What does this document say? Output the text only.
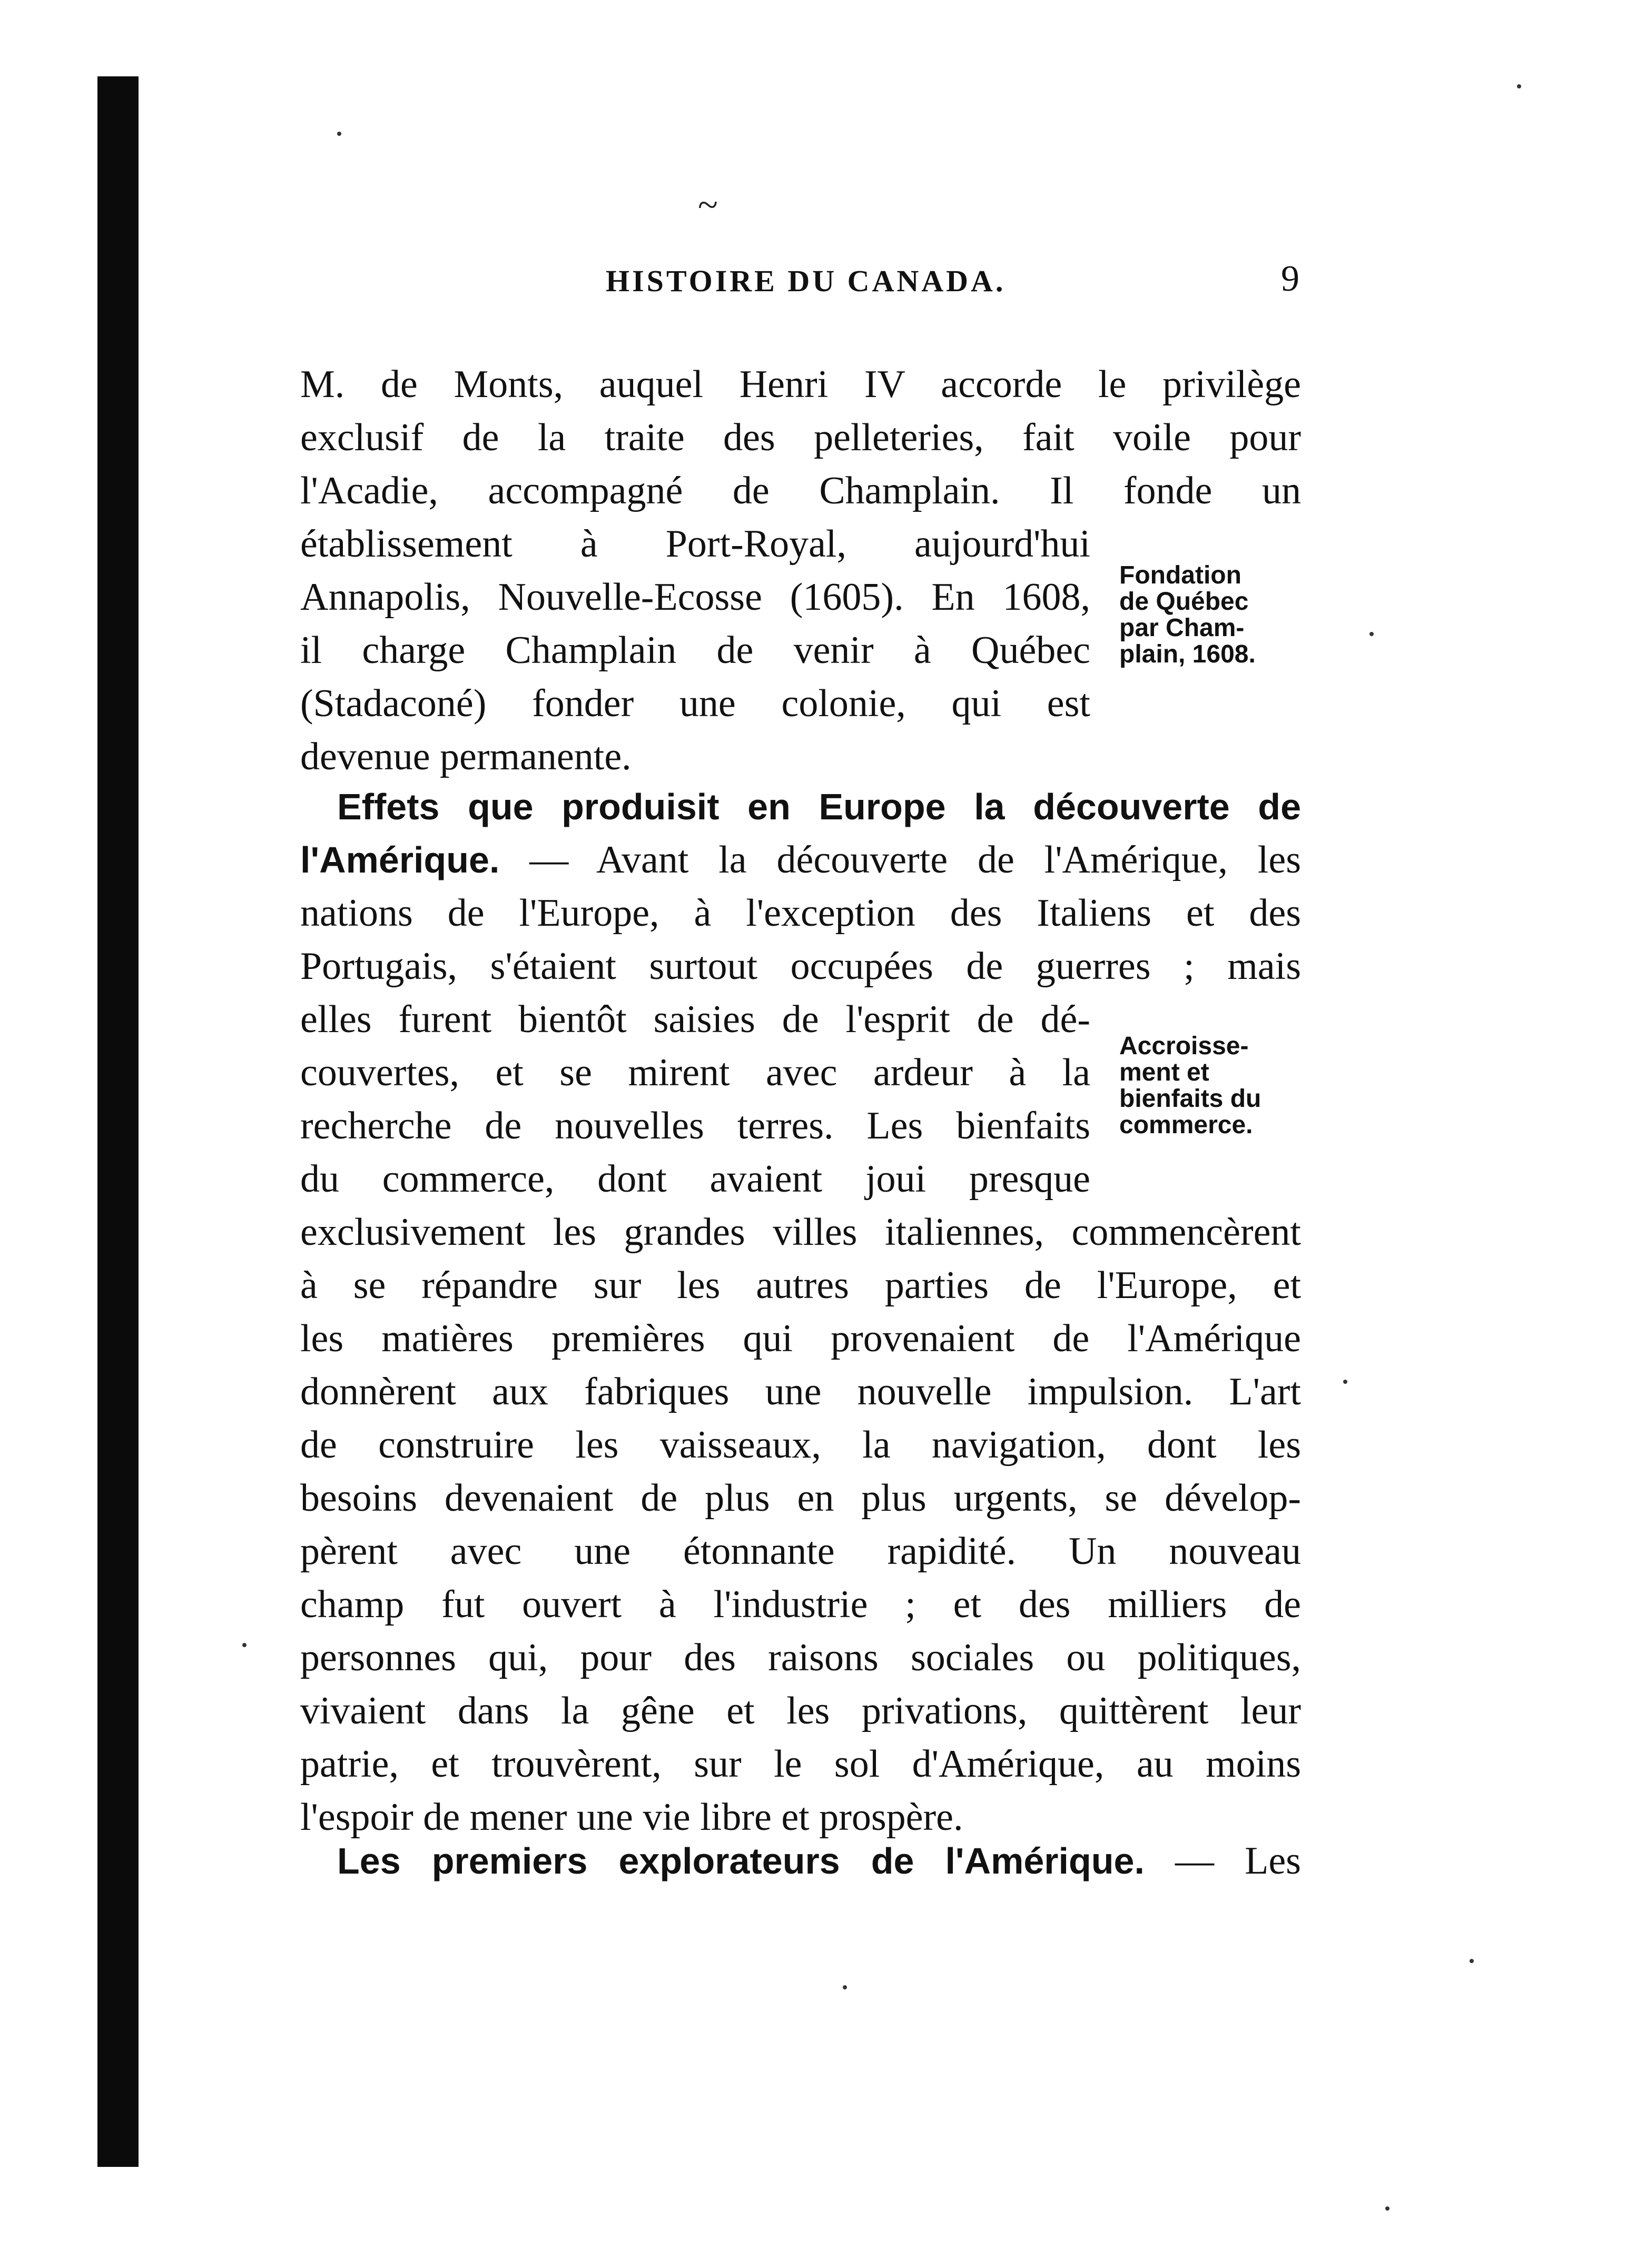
~
HISTOIRE DU CANADA.	9
M. de Monts, auquel Henri IV accorde le privilège
exclusif de la traite des pelleteries, fait voile pour
l'Acadie, accompagné de Champlain. Il fonde un
établissement à Port-Royal, aujourd'hui
Annapolis, Nouvelle-Ecosse (1605). En 1608,
il charge Champlain de venir à Québec
(Stadaconé) fonder une colonie, qui est
devenue permanente.
Fondation
de Québec
par Cham-
plain, 1608.
Effets que produisit en Europe la découverte de
l'Amérique. — Avant la découverte de l'Amérique, les
nations de l'Europe, à l'exception des Italiens et des
Portugais, s'étaient surtout occupées de guerres ; mais
elles furent bientôt saisies de l'esprit de dé-
couvertes, et se mirent avec ardeur à la
recherche de nouvelles terres. Les bienfaits
du commerce, dont avaient joui presque
exclusivement les grandes villes italiennes, commencèrent
à se répandre sur les autres parties de l'Europe, et
les matières premières qui provenaient de l'Amérique
donnèrent aux fabriques une nouvelle impulsion. L'art
de construire les vaisseaux, la navigation, dont les
besoins devenaient de plus en plus urgents, se dévelop-
pèrent avec une étonnante rapidité. Un nouveau
champ fut ouvert à l'industrie ; et des milliers de
personnes qui, pour des raisons sociales ou politiques,
vivaient dans la gêne et les privations, quittèrent leur
patrie, et trouvèrent, sur le sol d'Amérique, au moins
l'espoir de mener une vie libre et prospère.
Accroisse-
ment et
bienfaits du
commerce.
Les premiers explorateurs de l'Amérique. — Les
